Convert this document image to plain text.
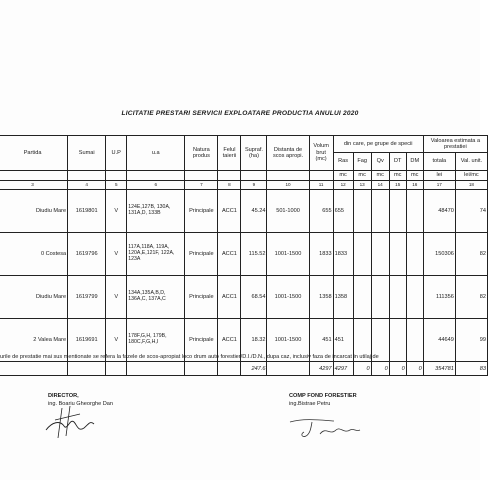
LICITATIE PRESTARI SERVICII EXPLOATARE PRODUCTIA ANULUI 2020
Partida	Sumai	U.P	u.a	Natura produs	Felul taierii	Supraf. (ha)	Distanta de scos apropi.	Volum brut (mc)	din care, pe grupe de specii					Valoarea estimata a prestatiei	
									Ras	Fag	Qv	DT	DM	totala	Val. unit.
									mc	mc	mc	mc	mc	lei	lei/mc
3	4	5	6	7	8	9	10	11	12	13	14	15	16	17	18
Diudiu Mare	1619801	V	124E,127B, 130A, 131A,D, 133B	Principale	ACC1	45.24	501-1000	655	655					48470	74
0 Costesa	1619796	V	117A,118A, 119A, 120A,E,121F, 122A, 123A	Principale	ACC1	115.52	1001-1500	1833	1833					150306	82
Diudiu Mare	1619799	V	134A,135A,B,D, 136A,C, 137A,C	Principale	ACC1	68.54	1001-1500	1358	1358					111356	82
2 Valea Mare	1619691	V	178F,G,H, 179B, 180C,F,G,H,I	Principale	ACC1	18.32	1001-1500	451	451					44649	99
						247.6		4297	4297	0	0	0	0	354781	83
urile de prestatie mai sus mentionate se refera la fazele de scos-apropiat loco drum auto forestier/D.I./D.N., dupa caz, inclusiv faza de incarcat in utilaj de
DIRECTOR,
ing. Boariu Gheorghe Dan
COMP FOND FORESTIER
ing.Bistrae Petru
